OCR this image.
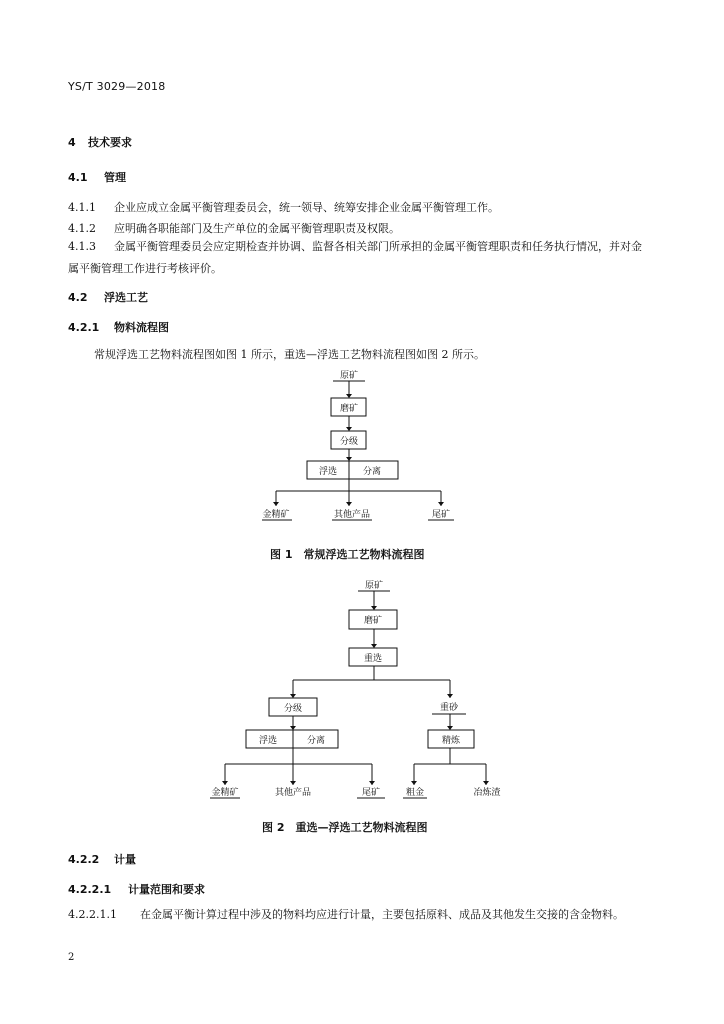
YS/T 3029—2018
4 技术要求
4.1 管理
4.1.1 企业应成立金属平衡管理委员会，统一领导、统筹安排企业金属平衡管理工作。
4.1.2 应明确各职能部门及生产单位的金属平衡管理职责及权限。
4.1.3 金属平衡管理委员会应定期检查并协调、监督各相关部门所承担的金属平衡管理职责和任务执行情况，并对金属平衡管理工作进行考核评价。
4.2 浮选工艺
4.2.1 物料流程图
常规浮选工艺物料流程图如图 1 所示，重选—浮选工艺物料流程图如图 2 所示。
原矿
磨矿
分级
浮选	分离
金精矿	其他产品	尾矿
图 1　常规浮选工艺物料流程图
原矿
磨矿
重选
分级	重砂
浮选	分离	精炼
金精矿	其他产品	尾矿	粗金	冶炼渣
图 2　重选—浮选工艺物料流程图
4.2.2 计量
4.2.2.1 计量范围和要求
4.2.2.1.1 在金属平衡计算过程中涉及的物料均应进行计量，主要包括原料、成品及其他发生交接的含金物料。
2
